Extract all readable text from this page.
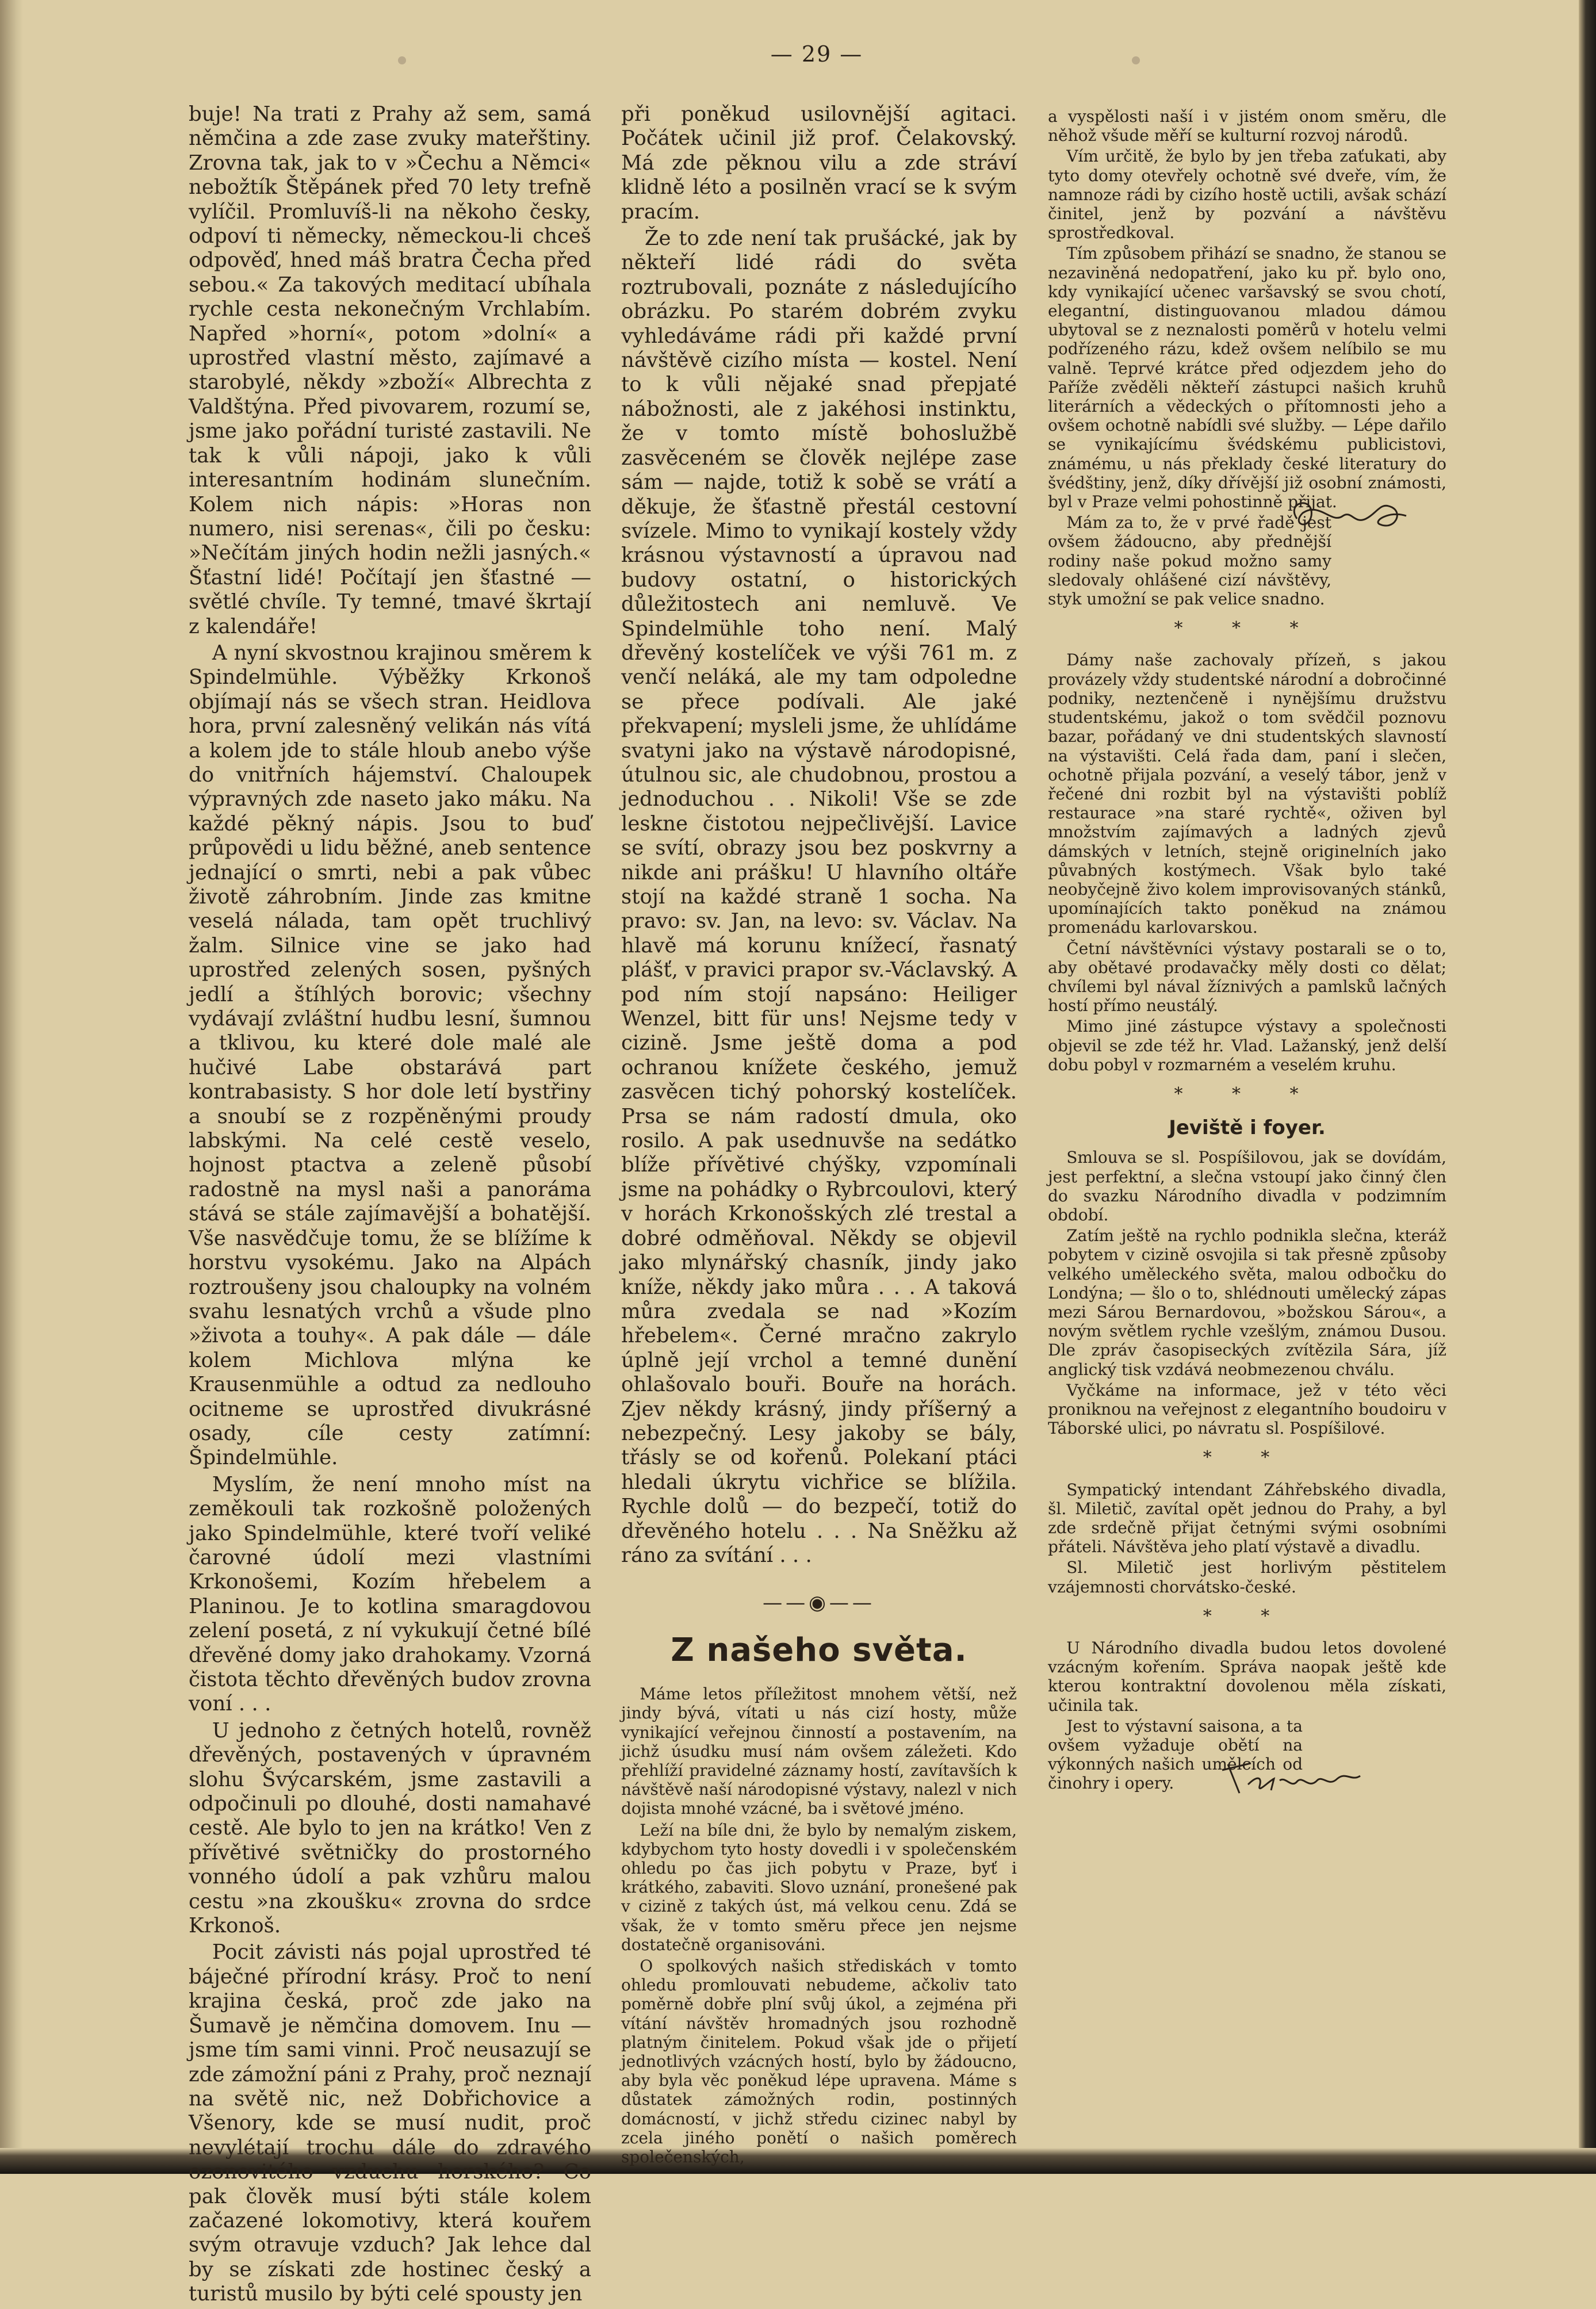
— 29 —

buje! Na trati z Prahy až sem, samá němčina a zde zase zvuky mateřštiny. Zrovna tak, jak to v »Čechu a Němci« nebožtík Štěpánek před 70 lety trefně vylíčil. Promluvíš-li na někoho česky, odpoví ti německy, německou-li chceš odpověď, hned máš bratra Čecha před sebou.« Za takových meditací ubíhala rychle cesta nekonečným Vrchlabím. Napřed »horní«, potom »dolní« a uprostřed vlastní město, zajímavé a starobylé, někdy »zboží« Albrechta z Valdštýna. Před pivovarem, rozumí se, jsme jako pořádní turisté zastavili. Ne tak k vůli nápoji, jako k vůli interesantním hodinám slunečním. Kolem nich nápis: »Horas non numero, nisi serenas«, čili po česku: »Nečítám jiných hodin nežli jasných.« Šťastní lidé! Počítají jen šťastné — světlé chvíle. Ty temné, tmavé škrtají z kalendáře!

A nyní skvostnou krajinou směrem k Spindelmühle. Výběžky Krkonoš objímají nás se všech stran. Heidlova hora, první zalesněný velikán nás vítá a kolem jde to stále hloub anebo výše do vnitřních hájemství. Chaloupek výpravných zde naseto jako máku. Na každé pěkný nápis. Jsou to buď průpovědi u lidu běžné, aneb sentence jednající o smrti, nebi a pak vůbec životě záhrobním. Jinde zas kmitne veselá nálada, tam opět truchlivý žalm. Silnice vine se jako had uprostřed zelených sosen, pyšných jedlí a štíhlých borovic; všechny vydávají zvláštní hudbu lesní, šumnou a tklivou, ku které dole malé ale hučivé Labe obstarává part kontrabasisty. S hor dole letí bystřiny a snoubí se z rozpěněnými proudy labskými. Na celé cestě veselo, hojnost ptactva a zeleně působí radostně na mysl naši a panoráma stává se stále zajímavější a bohatější. Vše nasvědčuje tomu, že se blížíme k horstvu vysokému. Jako na Alpách roztroušeny jsou chaloupky na volném svahu lesnatých vrchů a všude plno »života a touhy«. A pak dále — dále kolem Michlova mlýna ke Krausenmühle a odtud za nedlouho ocitneme se uprostřed divukrásné osady, cíle cesty zatímní: Špindelmühle.

Myslím, že není mnoho míst na zeměkouli tak rozkošně položených jako Spindelmühle, které tvoří veliké čarovné údolí mezi vlastními Krkonošemi, Kozím hřebelem a Planinou. Je to kotlina smaragdovou zelení posetá, z ní vykukují četné bílé dřevěné domy jako drahokamy. Vzorná čistota těchto dřevěných budov zrovna voní . . .

U jednoho z četných hotelů, rovněž dřevěných, postavených v úpravném slohu Švýcarském, jsme zastavili a odpočinuli po dlouhé, dosti namahavé cestě. Ale bylo to jen na krátko! Ven z přívětivé světničky do prostorného vonného údolí a pak vzhůru malou cestu »na zkoušku« zrovna do srdce Krkonoš.

Pocit závisti nás pojal uprostřed té báječné přírodní krásy. Proč to není krajina česká, proč zde jako na Šumavě je němčina domovem. Inu — jsme tím sami vinni. Proč neusazují se zde zámožní páni z Prahy, proč neznají na světě nic, než Dobřichovice a Všenory, kde se musí nudit, proč nevylétají trochu dále do zdravého ozonovitého vzduchu horského? Co pak člověk musí býti stále kolem začazené lokomotivy, která kouřem svým otravuje vzduch? Jak lehce dal by se získati zde hostinec český a turistů musilo by býti celé spousty jen

při poněkud usilovnější agitaci. Počátek učinil již prof. Čelakovský. Má zde pěknou vilu a zde stráví klidně léto a posilněn vrací se k svým pracím.

Že to zde není tak prušácké, jak by někteří lidé rádi do světa roztrubovali, poznáte z následujícího obrázku. Po starém dobrém zvyku vyhledáváme rádi při každé první návštěvě cizího místa — kostel. Není to k vůli nějaké snad přepjaté nábožnosti, ale z jakéhosi instinktu, že v tomto místě bohoslužbě zasvěceném se člověk nejlépe zase sám — najde, totiž k sobě se vrátí a děkuje, že šťastně přestál cestovní svízele. Mimo to vynikají kostely vždy krásnou výstavností a úpravou nad budovy ostatní, o historických důležitostech ani nemluvě. Ve Spindelmühle toho není. Malý dřevěný kostelíček ve výši 761 m. z venčí neláká, ale my tam odpoledne se přece podívali. Ale jaké překvapení; mysleli jsme, že uhlídáme svatyni jako na výstavě národopisné, útulnou sic, ale chudobnou, prostou a jednoduchou . . Nikoli! Vše se zde leskne čistotou nejpečlivější. Lavice se svítí, obrazy jsou bez poskvrny a nikde ani prášku! U hlavního oltáře stojí na každé straně 1 socha. Na pravo: sv. Jan, na levo: sv. Václav. Na hlavě má korunu knížecí, řasnatý plášť, v pravici prapor sv.-Václavský. A pod ním stojí napsáno: Heiliger Wenzel, bitt für uns! Nejsme tedy v cizině. Jsme ještě doma a pod ochranou knížete českého, jemuž zasvěcen tichý pohorský kostelíček. Prsa se nám radostí dmula, oko rosilo. A pak usednuvše na sedátko blíže přívětivé chýšky, vzpomínali jsme na pohádky o Rybrcoulovi, který v horách Krkonošských zlé trestal a dobré odměňoval. Někdy se objevil jako mlynářský chasník, jindy jako kníže, někdy jako můra . . . A taková můra zvedala se nad »Kozím hřebelem«. Černé mračno zakrylo úplně její vrchol a temné dunění ohlašovalo bouři. Bouře na horách. Zjev někdy krásný, jindy příšerný a nebezpečný. Lesy jakoby se bály, třásly se od kořenů. Polekaní ptáci hledali úkrytu vichřice se blížila. Rychle dolů — do bezpečí, totiž do dřevěného hotelu . . . Na Sněžku až ráno za svítání . . .

——◉——
Z našeho světa.

Máme letos příležitost mnohem větší, než jindy bývá, vítati u nás cizí hosty, může vynikající veřejnou činností a postavením, na jichž úsudku musí nám ovšem záležeti. Kdo přehlíží pravidelné záznamy hostí, zavítavších k návštěvě naší národopisné výstavy, nalezl v nich dojista mnohé vzácné, ba i světové jméno.

Leží na bíle dni, že bylo by nemalým ziskem, kdybychom tyto hosty dovedli i v společenském ohledu po čas jich pobytu v Praze, byť i krátkého, zabaviti. Slovo uznání, pronešené pak v cizině z takých úst, má velkou cenu. Zdá se však, že v tomto směru přece jen nejsme dostatečně organisováni.

O spolkových našich střediskách v tomto ohledu promlouvati nebudeme, ačkoliv tato poměrně dobře plní svůj úkol, a zejména při vítání návštěv hromadných jsou rozhodně platným činitelem. Pokud však jde o přijetí jednotlivých vzácných hostí, bylo by žádoucno, aby byla věc poněkud lépe upravena. Máme s důstatek zámožných rodin, postinných domácností, v jichž středu cizinec nabyl by zcela jiného ponětí o našich poměrech společenských,

a vyspělosti naší i v jistém onom směru, dle něhož všude měří se kulturní rozvoj národů.

Vím určitě, že bylo by jen třeba zaťukati, aby tyto domy otevřely ochotně své dveře, vím, že namnoze rádi by cizího hostě uctili, avšak schází činitel, jenž by pozvání a návštěvu sprostředkoval.

Tím způsobem přihází se snadno, že stanou se nezaviněná nedopatření, jako ku př. bylo ono, kdy vynikající učenec varšavský se svou chotí, elegantní, distinguovanou mladou dámou ubytoval se z neznalosti poměrů v hotelu velmi podřízeného rázu, kdež ovšem nelíbilo se mu valně. Teprvé krátce před odjezdem jeho do Paříže zvěděli někteří zástupci našich kruhů literárních a vědeckých o přítomnosti jeho a ovšem ochotně nabídli své služby. — Lépe dařilo se vynikajícímu švédskému publicistovi, známému, u nás překlady české literatury do švédštiny, jenž, díky dřívější již osobní známosti, byl v Praze velmi pohostinně přijat.

Mám za to, že v prvé řadě jest ovšem žádoucno, aby přednější rodiny naše pokud možno samy sledovaly ohlášené cizí návštěvy, styk umožní se pak velice snadno.

* * *

Dámy naše zachovaly přízeň, s jakou provázely vždy studentské národní a dobročinné podniky, neztenčeně i nynějšímu družstvu studentskému, jakož o tom svědčil poznovu bazar, pořádaný ve dni studentských slavností na výstavišti. Celá řada dam, paní i slečen, ochotně přijala pozvání, a veselý tábor, jenž v řečené dni rozbit byl na výstavišti poblíž restaurace »na staré rychtě«, oživen byl množstvím zajímavých a ladných zjevů dámských v letních, stejně originelních jako půvabných kostýmech. Však bylo také neobyčejně živo kolem improvisovaných stánků, upomínajících takto poněkud na známou promenádu karlovarskou.

Četní návštěvníci výstavy postarali se o to, aby obětavé prodavačky měly dosti co dělat; chvílemi byl nával žíznivých a pamlsků lačných hostí přímo neustálý.

Mimo jiné zástupce výstavy a společnosti objevil se zde též hr. Vlad. Lažanský, jenž delší dobu pobyl v rozmarném a veselém kruhu.

* * *
Jeviště i foyer.

Smlouva se sl. Pospíšilovou, jak se dovídám, jest perfektní, a slečna vstoupí jako činný člen do svazku Národního divadla v podzimním období.

Zatím ještě na rychlo podnikla slečna, kteráž pobytem v cizině osvojila si tak přesně způsoby velkého uměleckého světa, malou odbočku do Londýna; — šlo o to, shlédnouti umělecký zápas mezi Sárou Bernardovou, »božskou Sárou«, a novým světlem rychle vzešlým, známou Dusou. Dle zpráv časopiseckých zvítězila Sára, jíž anglický tisk vzdává neobmezenou chválu.

Vyčkáme na informace, jež v této věci proniknou na veřejnost z elegantního boudoiru v Táborské ulici, po návratu sl. Pospíšilové.

* *

Sympatický intendant Záhřebského divadla, šl. Miletič, zavítal opět jednou do Prahy, a byl zde srdečně přijat četnými svými osobními přáteli. Návštěva jeho platí výstavě a divadlu.

Sl. Miletič jest horlivým pěstitelem vzájemnosti chorvátsko-české.

* *

U Národního divadla budou letos dovolené vzácným kořením. Správa naopak ještě kde kterou kontraktní dovolenou měla získati, učinila tak.

Jest to výstavní saisona, a ta ovšem vyžaduje obětí na výkonných našich umělcích od činohry i opery.
